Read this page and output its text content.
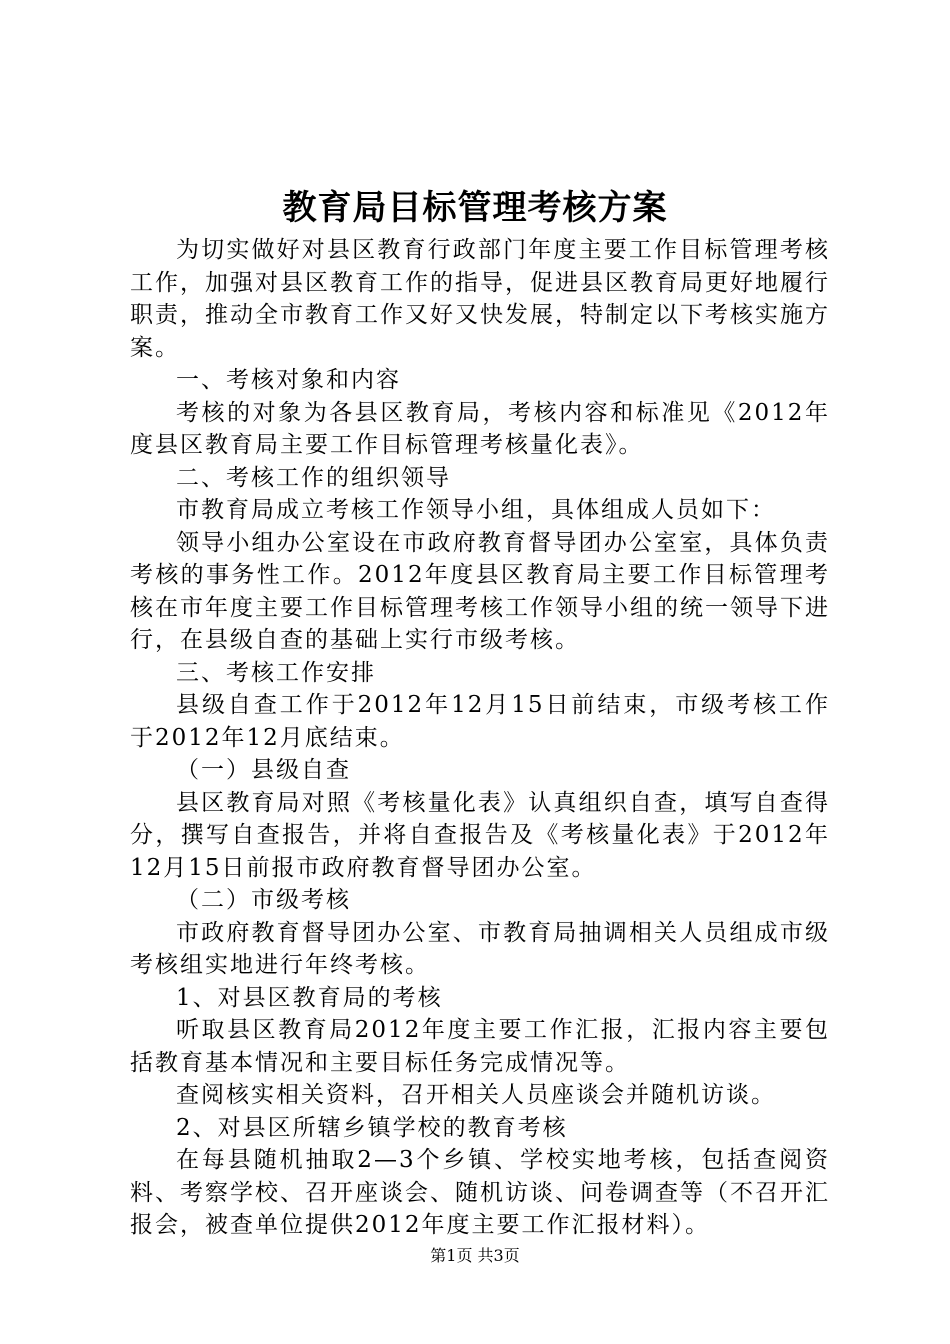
教育局目标管理考核方案

为切实做好对县区教育行政部门年度主要工作目标管理考核工作，加强对县区教育工作的指导，促进县区教育局更好地履行职责，推动全市教育工作又好又快发展，特制定以下考核实施方案。

一、考核对象和内容

考核的对象为各县区教育局，考核内容和标准见《2012年度县区教育局主要工作目标管理考核量化表》。

二、考核工作的组织领导

市教育局成立考核工作领导小组，具体组成人员如下：

领导小组办公室设在市政府教育督导团办公室室，具体负责考核的事务性工作。2012年度县区教育局主要工作目标管理考核在市年度主要工作目标管理考核工作领导小组的统一领导下进行，在县级自查的基础上实行市级考核。

三、考核工作安排

县级自查工作于2012年12月15日前结束，市级考核工作于2012年12月底结束。

（一）县级自查

县区教育局对照《考核量化表》认真组织自查，填写自查得分，撰写自查报告，并将自查报告及《考核量化表》于2012年12月15日前报市政府教育督导团办公室。

（二）市级考核

市政府教育督导团办公室、市教育局抽调相关人员组成市级考核组实地进行年终考核。

1、对县区教育局的考核

听取县区教育局2012年度主要工作汇报，汇报内容主要包括教育基本情况和主要目标任务完成情况等。

查阅核实相关资料，召开相关人员座谈会并随机访谈。

2、对县区所辖乡镇学校的教育考核

在每县随机抽取2—3个乡镇、学校实地考核，包括查阅资料、考察学校、召开座谈会、随机访谈、问卷调查等（不召开汇报会，被查单位提供2012年度主要工作汇报材料）。

第1页 共3页
